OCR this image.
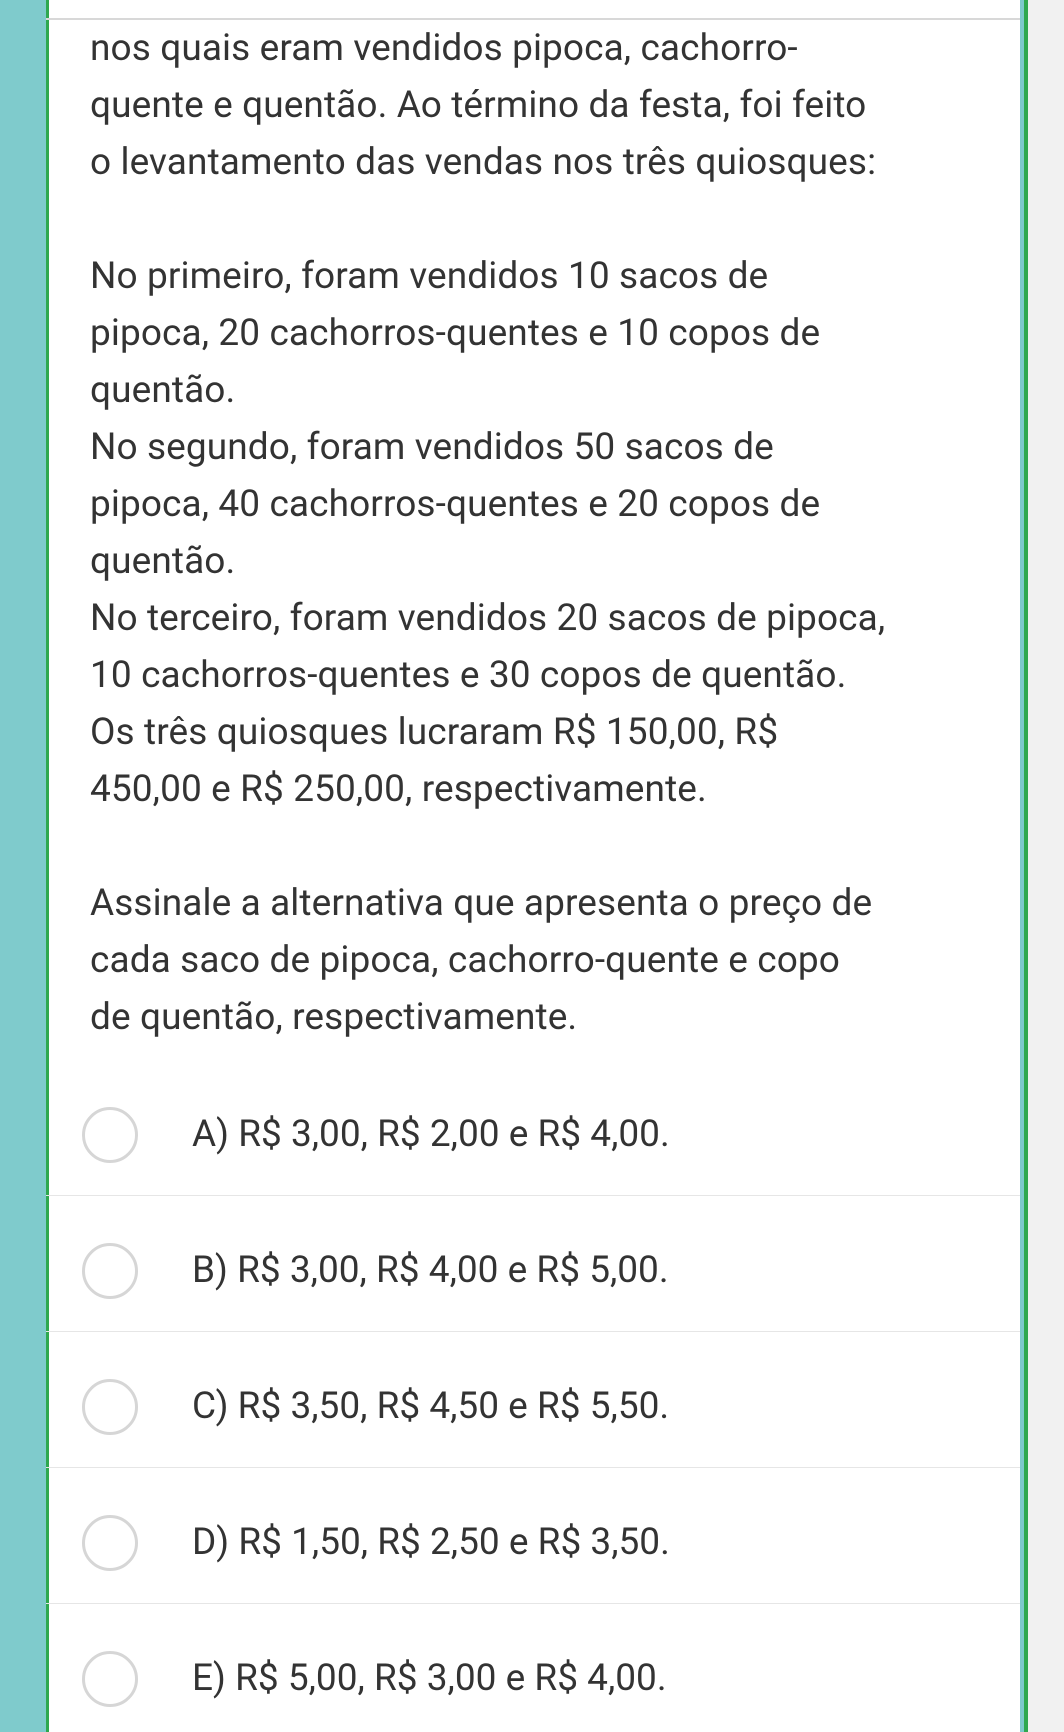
nos quais eram vendidos pipoca, cachorro-
quente e quentão. Ao término da festa, foi feito
o levantamento das vendas nos três quiosques:

No primeiro, foram vendidos 10 sacos de
pipoca, 20 cachorros-quentes e 10 copos de
quentão.

No segundo, foram vendidos 50 sacos de
pipoca, 40 cachorros-quentes e 20 copos de
quentão.

No terceiro, foram vendidos 20 sacos de pipoca,
10 cachorros-quentes e 30 copos de quentão.

Os três quiosques lucraram R$ 150,00, R$
450,00 e R$ 250,00, respectivamente.

Assinale a alternativa que apresenta o preço de
cada saco de pipoca, cachorro-quente e copo
de quentão, respectivamente.

A) R$ 3,00, R$ 2,00 e R$ 4,00.
B) R$ 3,00, R$ 4,00 e R$ 5,00.
C) R$ 3,50, R$ 4,50 e R$ 5,50.
D) R$ 1,50, R$ 2,50 e R$ 3,50.
E) R$ 5,00, R$ 3,00 e R$ 4,00.
